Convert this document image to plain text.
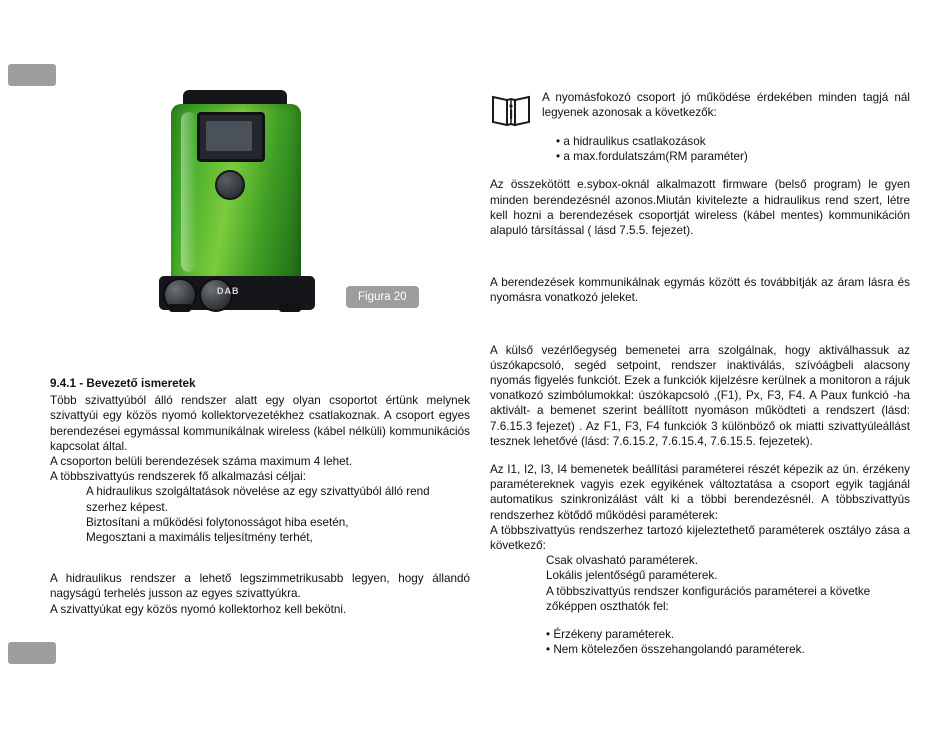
DAB	Figura 20

9.4.1 - Bevezető ismeretek

Több szivattyúból álló rendszer alatt egy olyan csoportot értünk melynek szivattyúi egy közös nyomó kollektorvezetékhez csatlakoznak. A csoport egyes berendezései egymással kommunikálnak wireless (kábel nélküli) kommunikációs kapcsolat által.

A csoporton belüli berendezések száma maximum 4 lehet.

A többszivattyús rendszerek fő alkalmazási céljai:

A hidraulikus szolgáltatások növelése az egy szivattyúból álló rend szerhez képest.

Biztosítani a működési folytonosságot hiba esetén,

Megosztani a maximális teljesítmény terhét,

A hidraulikus rendszer a lehető legszimmetrikusabb legyen, hogy állandó nagyságú terhelés jusson az egyes szivattyúkra.

A szivattyúkat egy közös nyomó kollektorhoz kell bekötni.

A nyomásfokozó csoport jó működése érdekében minden tagjá nál legyenek azonosak a következők:

• a hidraulikus csatlakozások

• a max.fordulatszám(RM paraméter)

Az összekötött e.sybox-oknál alkalmazott firmware (belső program) le gyen minden berendezésnél azonos.Miután kivitelezte a hidraulikus rend szert, létre kell hozni a berendezések csoportját wireless (kábel mentes) kommunikáción alapuló társítással ( lásd 7.5.5. fejezet).

A berendezések kommunikálnak egymás között és továbbítják az áram lásra és nyomásra vonatkozó jeleket.

A külső vezérlőegység bemenetei arra szolgálnak, hogy aktiválhassuk az úszókapcsoló, segéd setpoint, rendszer inaktiválás, szívóágbeli alacsony nyomás figyelés funkciót. Ezek a funkciók kijelzésre kerülnek a monitoron a rájuk vonatkozó szimbólumokkal: úszókapcsoló ,(F1), Px, F3, F4. A Paux funkció -ha aktivált- a bemenet szerint beállított nyomáson működteti a rendszert (lásd: 7.6.15.3 fejezet) . Az F1, F3, F4 funkciók 3 különböző ok miatti szivattyúleállást tesznek lehetővé (lásd: 7.6.15.2, 7.6.15.4, 7.6.15.5. fejezetek).

Az I1, I2, I3, I4 bemenetek beállítási paraméterei részét képezik az ún. érzékeny paramétereknek vagyis ezek egyikének változtatása a csoport egyik tagjánál automatikus szinkronizálást vált ki a többi berendezésnél. A többszivattyús rendszerhez kötődő működési paraméterek:

A többszivattyús rendszerhez tartozó kijeleztethető paraméterek osztályo zása a következő:

Csak olvasható paraméterek.

Lokális jelentőségű paraméterek.

A többszivattyús rendszer konfigurációs paraméterei a követke zőképpen oszthatók fel:

• Érzékeny paraméterek.

• Nem kötelezően összehangolandó paraméterek.
